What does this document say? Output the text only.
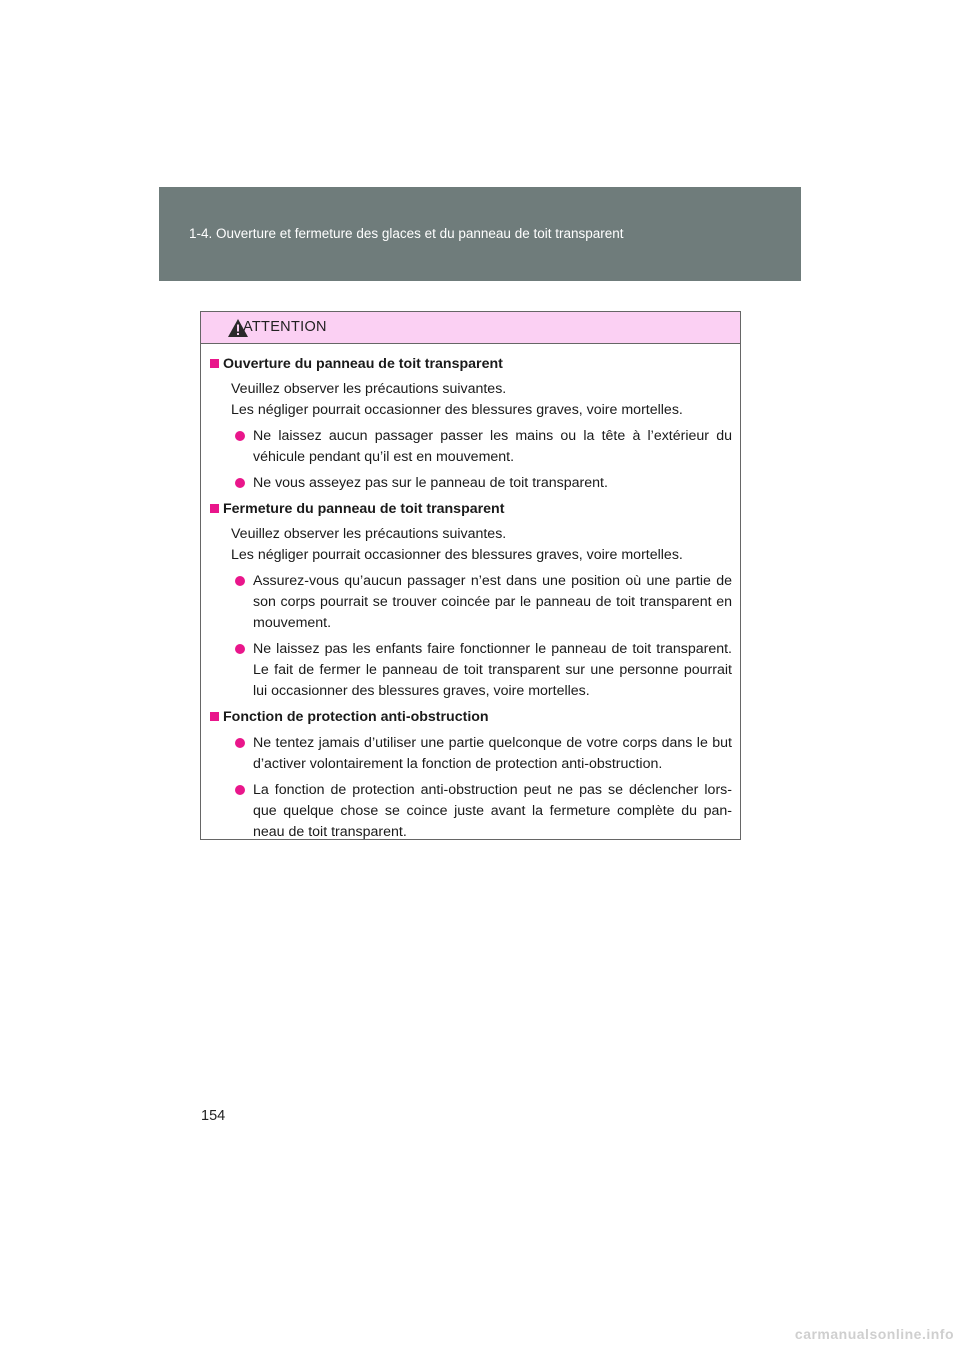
1-4. Ouverture et fermeture des glaces et du panneau de toit transparent
ATTENTION
Ouverture du panneau de toit transparent
Veuillez observer les précautions suivantes.
Les négliger pourrait occasionner des blessures graves, voire mortelles.
Ne laissez aucun passager passer les mains ou la tête à l’extérieur du véhicule pendant qu’il est en mouvement.
Ne vous asseyez pas sur le panneau de toit transparent.
Fermeture du panneau de toit transparent
Veuillez observer les précautions suivantes.
Les négliger pourrait occasionner des blessures graves, voire mortelles.
Assurez-vous qu’aucun passager n’est dans une position où une partie de son corps pourrait se trouver coincée par le panneau de toit transparent en mouvement.
Ne laissez pas les enfants faire fonctionner le panneau de toit transparent. Le fait de fermer le panneau de toit transparent sur une personne pourrait lui occasionner des blessures graves, voire mortelles.
Fonction de protection anti-obstruction
Ne tentez jamais d’utiliser une partie quelconque de votre corps dans le but d’activer volontairement la fonction de protection anti-obstruction.
La fonction de protection anti-obstruction peut ne pas se déclencher lors-que quelque chose se coince juste avant la fermeture complète du pan-neau de toit transparent.
154
carmanualsonline.info
